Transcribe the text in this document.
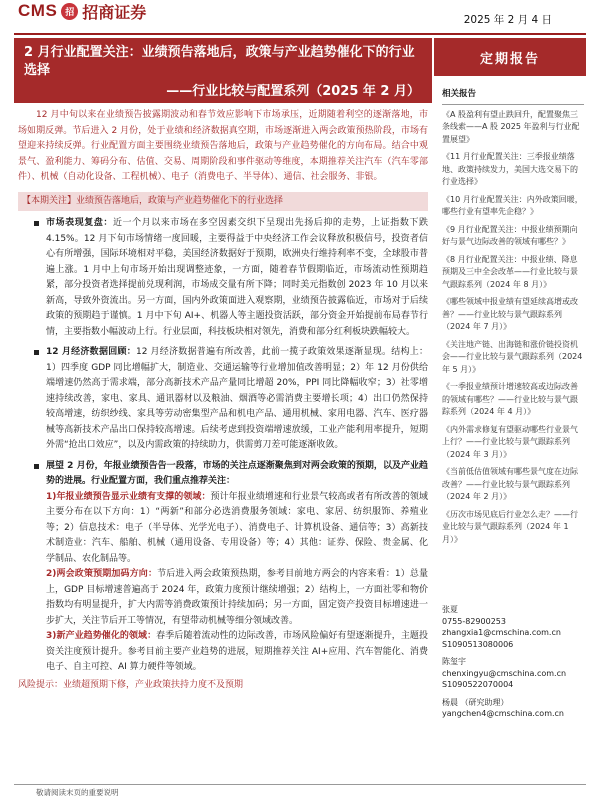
CMS 招 招商证券	2025 年 2 月 4 日
2 月行业配置关注：业绩预告落地后，政策与产业趋势催化下的行业选择
——行业比较与配置系列（2025 年 2 月）
定期报告

12 月中旬以来在业绩预告披露期波动和春节效应影响下市场承压，近期随着利空的逐渐落地，市场如期反弹。节后进入 2 月份，处于业绩和经济数据真空期，市场逐渐进入两会政策预热阶段，市场有望迎来持续反弹。行业配置方面主要围绕业绩预告落地后，政策与产业趋势催化的方向布局。结合中观景气、盈利能力、筹码分布、估值、交易、周期阶段和事件驱动等维度，本期推荐关注汽车（汽车零部件）、机械（自动化设备、工程机械）、电子（消费电子、半导体）、通信、社会服务、非银。

【本期关注】业绩预告落地后，政策与产业趋势催化下的行业选择
市场表现复盘：近一个月以来市场在多空因素交织下呈现出先扬后抑的走势，上证指数下跌 4.15%。12 月下旬市场情绪一度回暖，主要得益于中央经济工作会议释放积极信号，投资者信心有所增强，国际环境相对平稳，美国经济数据好于预期，欧洲央行维持利率不变，全球股市普遍上涨。1 月中上旬市场开始出现调整迹象，一方面，随着春节假期临近，市场流动性预期趋紧，部分投资者选择提前兑现利润，市场成交量有所下降；同时美元指数创 2023 年 10 月以来新高，导致外资流出。另一方面，国内外政策面进入观察期，业绩预告披露临近，市场对于后续政策的预期趋于谨慎。1 月中下旬 AI+、机器人等主题投资活跃，部分资金开始提前布局春节行情，主要指数小幅波动上行。行业层面，科技板块相对领先，消费和部分红利板块跌幅较大。
12 月经济数据回顾：12 月经济数据普遍有所改善，此前一揽子政策效果逐渐显现。结构上：1）四季度 GDP 同比增幅扩大，制造业、交通运输等行业增加值改善明显；2）年 12 月份供给端增速仍然高于需求端，部分高新技术产品产量同比增超 20%，PPI 同比降幅收窄；3）社零增速持续改善，家电、家具、通讯器材以及粮油、烟酒等必需消费主要增长项；4）出口仍然保持较高增速，纺织纱线、家具等劳动密集型产品和机电产品、通用机械、家用电器、汽车、医疗器械等高新技术产品出口保持较高增速。后续考虑到投资端增速放缓，工业产能利用率提升，短期外需“抢出口效应”，以及内需政策的持续助力，供需剪刀差可能逐渐收敛。
展望 2 月份，年报业绩预告告一段落，市场的关注点逐渐聚焦到对两会政策的预期，以及产业趋势的进展。行业配置方面，我们重点推荐关注：
1)年报业绩预告显示业绩有支撑的领域：预计年报业绩增速和行业景气较高或者有所改善的领域主要分布在以下方向：1）“两新”和部分必选消费服务领域：家电、家居、纺织服饰、养殖业等；2）信息技术：电子（半导体、光学光电子）、消费电子、计算机设备、通信等；3）高新技术制造业：汽车、船舶、机械（通用设备、专用设备）等；4）其他：证券、保险、贵金属、化学制品、农化制品等。
2)两会政策预期加码方向：节后进入两会政策预热期，参考目前地方两会的内容来看：1）总量上，GDP 目标增速普遍高于 2024 年，政策力度预计继续增强；2）结构上，一方面社零和物价指数均有明显提升，扩大内需等消费政策预计持续加码；另一方面，固定资产投资目标增速进一步扩大，关注节后开工等情况，有望带动机械等细分领域改善。
3)新产业趋势催化的领域：春季后随着流动性的边际改善，市场风险偏好有望逐渐提升，主题投资关注度预计提升。参考目前主要产业趋势的进展，短期推荐关注 AI+应用、汽车智能化、消费电子、自主可控、AI 算力硬件等领域。
风险提示：业绩超预期下修，产业政策扶持力度不及预期
相关报告
《A 股盈利有望止跌回升，配置聚焦三条线索——A 股 2025 年盈利与行业配置展望》
《11 月行业配置关注：三季报业绩落地、政策持续发力，美国大选交易下的行业选择》
《10 月行业配置关注：内外政策回暖，哪些行业有望率先企稳？》
《9 月行业配置关注：中报业绩预期向好与景气边际改善的领域有哪些？》
《8 月行业配置关注：中报业绩、降息预期及三中全会改革——行业比较与景气跟踪系列（2024 年 8 月）》
《哪些领域中报业绩有望延续高增或改善？——行业比较与景气跟踪系列（2024 年 7 月）》
《关注地产链、出海链和涨价链投资机会——行业比较与景气跟踪系列（2024 年 5 月）》
《一季报业绩预计增速较高或边际改善的领域有哪些？——行业比较与景气跟踪系列（2024 年 4 月）》
《内外需求修复有望驱动哪些行业景气上行？——行业比较与景气跟踪系列（2024 年 3 月）》
《当前低估值领域有哪些景气度在边际改善？——行业比较与景气跟踪系列（2024 年 2 月）》
《历次市场见底后行业怎么走？——行业比较与景气跟踪系列（2024 年 1 月）》
张夏
0755-82900253
zhangxia1@cmschina.com.cn
S1090513080006
陈玺宇
chenxingyu@cmschina.com.cn
S1090522070004
杨晨 （研究助理）
yangchen4@cmschina.com.cn
敬请阅读末页的重要说明
